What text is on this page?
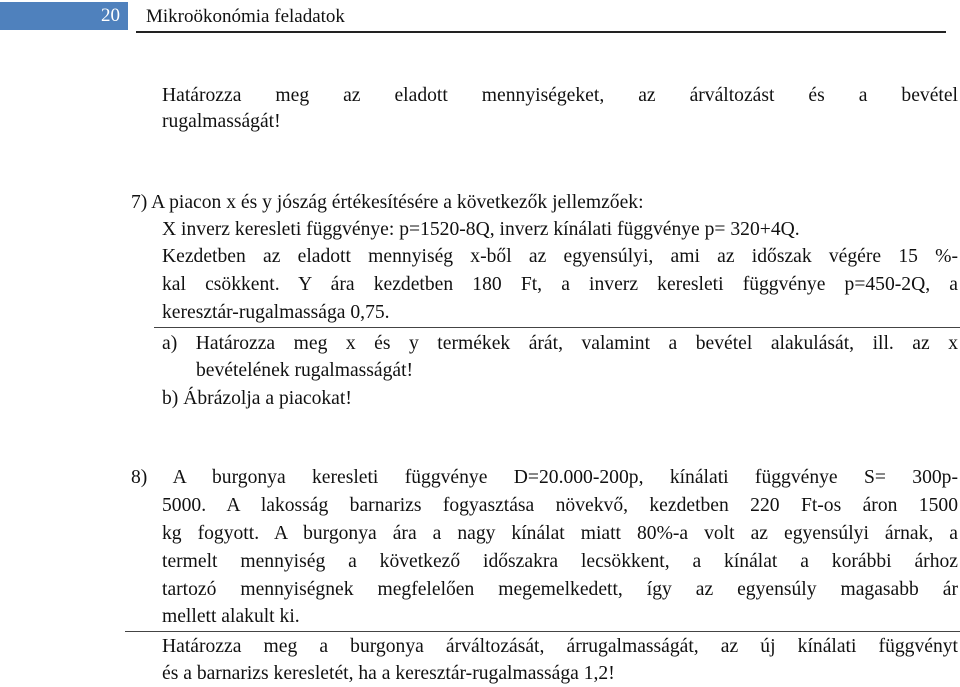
20	Mikroökonómia feladatok
Határozza meg az eladott mennyiségeket, az árváltozást és a bevétel
rugalmasságát!
7) A piacon x és y jószág értékesítésére a következők jellemzőek:
X inverz keresleti függvénye: p=1520-8Q, inverz kínálati függvénye p= 320+4Q.
Kezdetben az eladott mennyiség x-ből az egyensúlyi, ami az időszak végére 15 %-
kal csökkent. Y ára kezdetben 180 Ft, a inverz keresleti függvénye p=450-2Q, a
keresztár-rugalmassága 0,75.
a) Határozza meg x és y termékek árát, valamint a bevétel alakulását, ill. az x
bevételének rugalmasságát!
b) Ábrázolja a piacokat!
8) A burgonya keresleti függvénye D=20.000-200p, kínálati függvénye S= 300p-
5000. A lakosság barnarizs fogyasztása növekvő, kezdetben 220 Ft-os áron 1500
kg fogyott. A burgonya ára a nagy kínálat miatt 80%-a volt az egyensúlyi árnak, a
termelt mennyiség a következő időszakra lecsökkent, a kínálat a korábbi árhoz
tartozó mennyiségnek megfelelően megemelkedett, így az egyensúly magasabb ár
mellett alakult ki.
Határozza meg a burgonya árváltozását, árrugalmasságát, az új kínálati függvényt
és a barnarizs keresletét, ha a keresztár-rugalmassága 1,2!
